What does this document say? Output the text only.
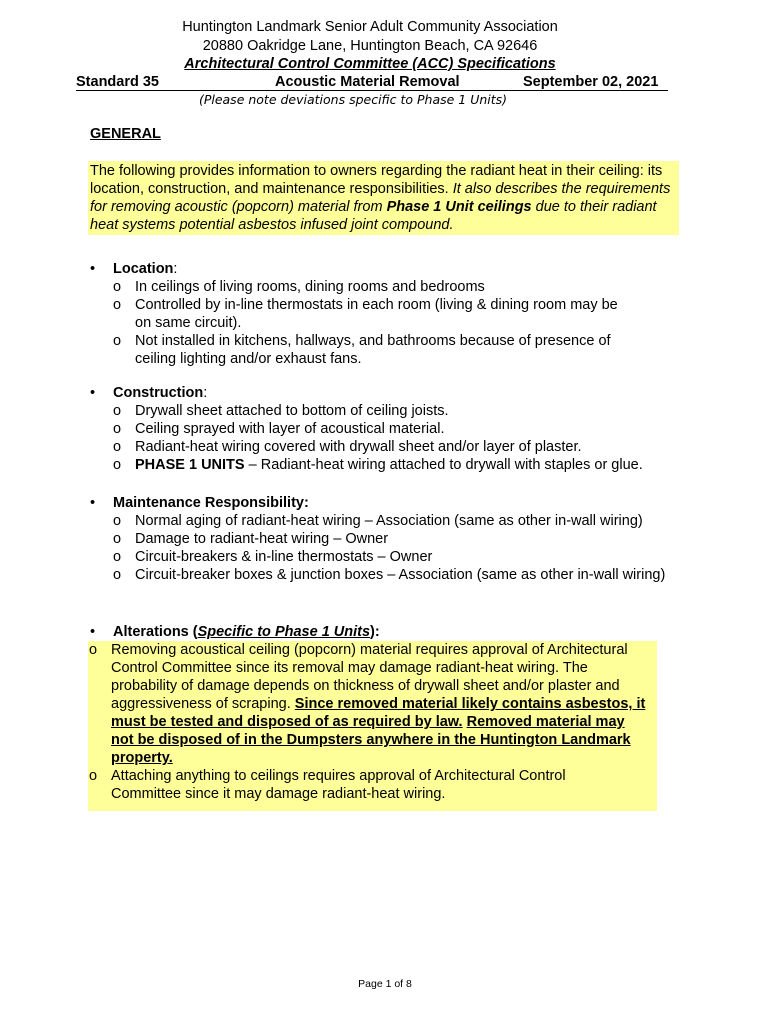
Huntington Landmark Senior Adult Community Association
20880 Oakridge Lane, Huntington Beach, CA 92646
Architectural Control Committee (ACC) Specifications
Standard 35	Acoustic Material Removal	September 02, 2021
(Please note deviations specific to Phase 1 Units)
GENERAL

The following provides information to owners regarding the radiant heat in their ceiling: its location, construction, and maintenance responsibilities. It also describes the requirements for removing acoustic (popcorn) material from Phase 1 Unit ceilings due to their radiant heat systems potential asbestos infused joint compound.

• Location:
o In ceilings of living rooms, dining rooms and bedrooms
o Controlled by in-line thermostats in each room (living & dining room may be on same circuit).
o Not installed in kitchens, hallways, and bathrooms because of presence of ceiling lighting and/or exhaust fans.
• Construction:
o Drywall sheet attached to bottom of ceiling joists.
o Ceiling sprayed with layer of acoustical material.
o Radiant-heat wiring covered with drywall sheet and/or layer of plaster.
o PHASE 1 UNITS – Radiant-heat wiring attached to drywall with staples or glue.
• Maintenance Responsibility:
o Normal aging of radiant-heat wiring – Association (same as other in-wall wiring)
o Damage to radiant-heat wiring – Owner
o Circuit-breakers & in-line thermostats – Owner
o Circuit-breaker boxes & junction boxes – Association (same as other in-wall wiring)
• Alterations (Specific to Phase 1 Units):
o Removing acoustical ceiling (popcorn) material requires approval of Architectural Control Committee since its removal may damage radiant-heat wiring. The probability of damage depends on thickness of drywall sheet and/or plaster and aggressiveness of scraping. Since removed material likely contains asbestos, it must be tested and disposed of as required by law. Removed material may not be disposed of in the Dumpsters anywhere in the Huntington Landmark property.
o Attaching anything to ceilings requires approval of Architectural Control Committee since it may damage radiant-heat wiring.
Page 1 of 8
